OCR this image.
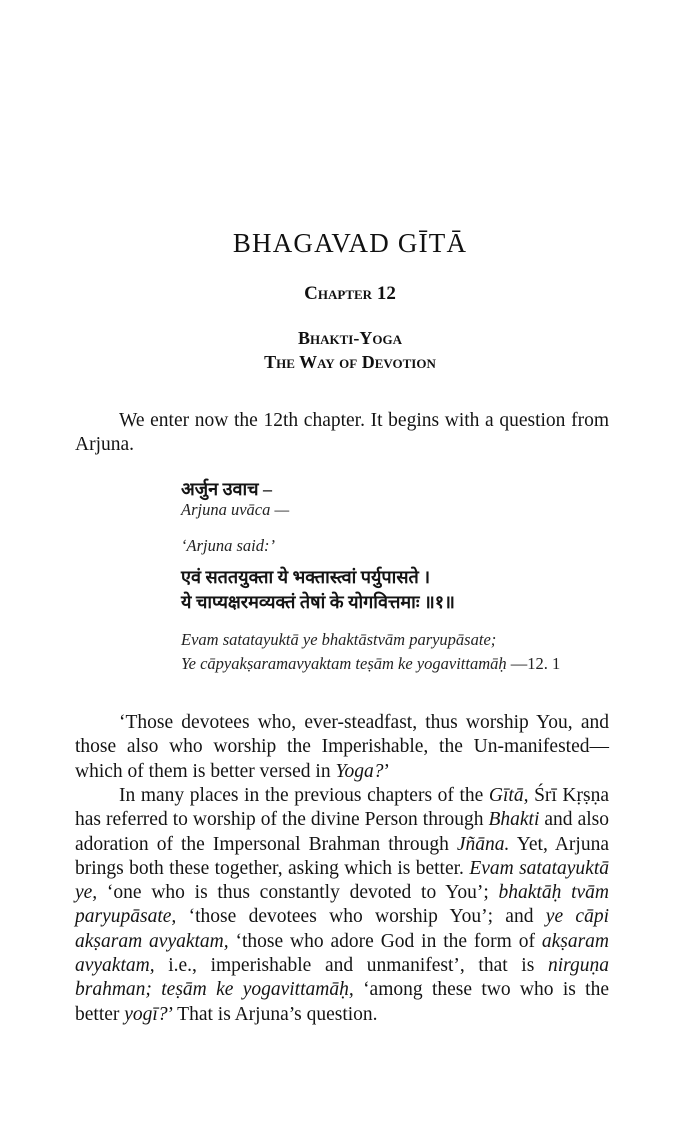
BHAGAVAD GĪTĀ
Chapter 12
Bhakti-Yoga
The Way of Devotion

We enter now the 12th chapter. It begins with a question from Arjuna.

अर्जुन उवाच –
Arjuna uvāca —
‘Arjuna said:’
एवं सततयुक्ता ये भक्तास्त्वां पर्युपासते ।
ये चाप्यक्षरमव्यक्तं तेषां के योगवित्तमाः ॥१॥
Evam satatayuktā ye bhaktāstvām paryupāsate;
Ye cāpyakṣaramavyaktam teṣām ke yogavittamāḥ —12. 1

‘Those devotees who, ever-steadfast, thus worship You, and those also who worship the Imperishable, the Un-manifested—which of them is better versed in Yoga?’

In many places in the previous chapters of the Gītā, Śrī Kṛṣṇa has referred to worship of the divine Person through Bhakti and also adoration of the Impersonal Brahman through Jñāna. Yet, Arjuna brings both these together, asking which is better. Evam satatayuktā ye, ‘one who is thus constantly devoted to You’; bhaktāḥ tvām paryupāsate, ‘those devotees who worship You’; and ye cāpi akṣaram avyaktam, ‘those who adore God in the form of akṣaram avyaktam, i.e., imperishable and unmanifest’, that is nirguṇa brahman; teṣām ke yogavittamāḥ, ‘among these two who is the better yogī?’ That is Arjuna’s question.
